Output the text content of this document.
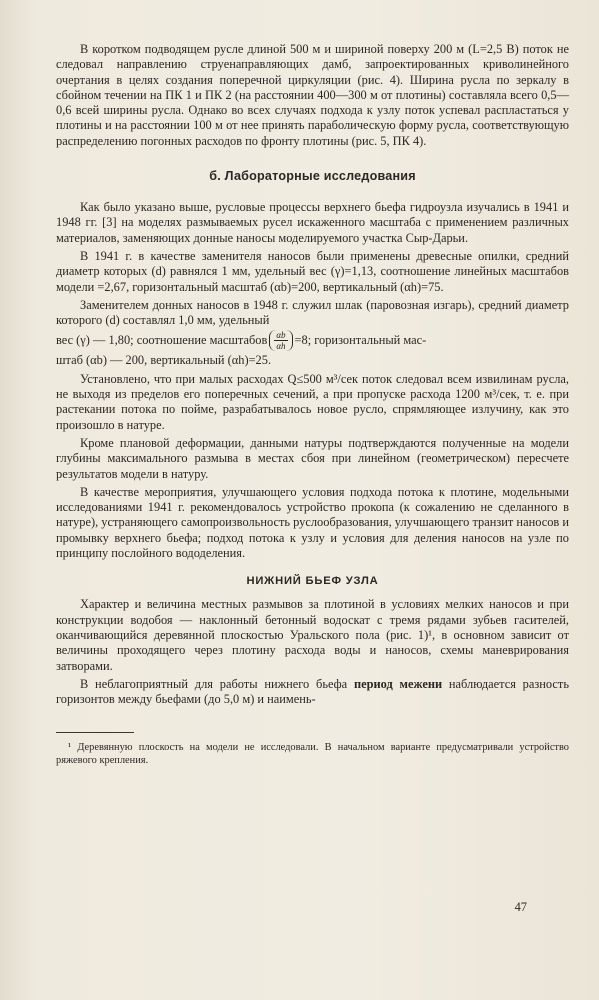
В коротком подводящем русле длиной 500 м и шириной поверху 200 м (L=2,5 B) поток не следовал направлению струенаправляющих дамб, запроектированных криволинейного очертания в целях создания поперечной циркуляции (рис. 4). Ширина русла по зеркалу в сбойном течении на ПК 1 и ПК 2 (на расстоянии 400—300 м от плотины) составляла всего 0,5—0,6 всей ширины русла. Однако во всех случаях подхода к узлу поток успевал распластаться у плотины и на расстоянии 100 м от нее принять параболическую форму русла, соответствующую распределению погонных расходов по фронту плотины (рис. 5, ПК 4).

б. Лабораторные исследования

Как было указано выше, русловые процессы верхнего бьефа гидроузла изучались в 1941 и 1948 гг. [3] на моделях размываемых русел искаженного масштаба с применением различных материалов, заменяющих донные наносы моделируемого участка Сыр-Дарьи.

В 1941 г. в качестве заменителя наносов были применены древесные опилки, средний диаметр которых (d) равнялся 1 мм, удельный вес (γ)=1,13, соотношение линейных масштабов модели =2,67, горизонтальный масштаб (αb)=200, вертикальный (αh)=75.

Заменителем донных наносов в 1948 г. служил шлак (паровозная изгарь), средний диаметр которого (d) составлял 1,0 мм, удельный

вес (γ) — 1,80; соотношение масштабов $\frac{\alpha b}{\alpha h} =8$; горизонтальный мас-

штаб (αb) — 200, вертикальный (αh)=25.

Установлено, что при малых расходах Q≤500 м³/сек поток следовал всем извилинам русла, не выходя из пределов его поперечных сечений, а при пропуске расхода 1200 м³/сек, т. е. при растекании потока по пойме, разрабатывалось новое русло, спрямляющее излучину, как это произошло в натуре.

Кроме плановой деформации, данными натуры подтверждаются полученные на модели глубины максимального размыва в местах сбоя при линейном (геометрическом) пересчете результатов модели в натуру.

В качестве мероприятия, улучшающего условия подхода потока к плотине, модельными исследованиями 1941 г. рекомендовалось устройство прокопа (к сожалению не сделанного в натуре), устраняющего самопроизвольность руслообразования, улучшающего транзит наносов и промывку верхнего бьефа; подход потока к узлу и условия для деления наносов на узле по принципу послойного вододеления.

НИЖНИЙ БЬЕФ УЗЛА

Характер и величина местных размывов за плотиной в условиях мелких наносов и при конструкции водобоя — наклонный бетонный водоскат с тремя рядами зубьев гасителей, оканчивающийся деревянной плоскостью Уральского пола (рис. 1)¹, в основном зависит от величины проходящего через плотину расхода воды и наносов, схемы маневрирования затворами.

В неблагоприятный для работы нижнего бьефа период межени наблюдается разность горизонтов между бьефами (до 5,0 м) и наимень-

¹ Деревянную плоскость на модели не исследовали. В начальном варианте предусматривали устройство ряжевого крепления.

47
